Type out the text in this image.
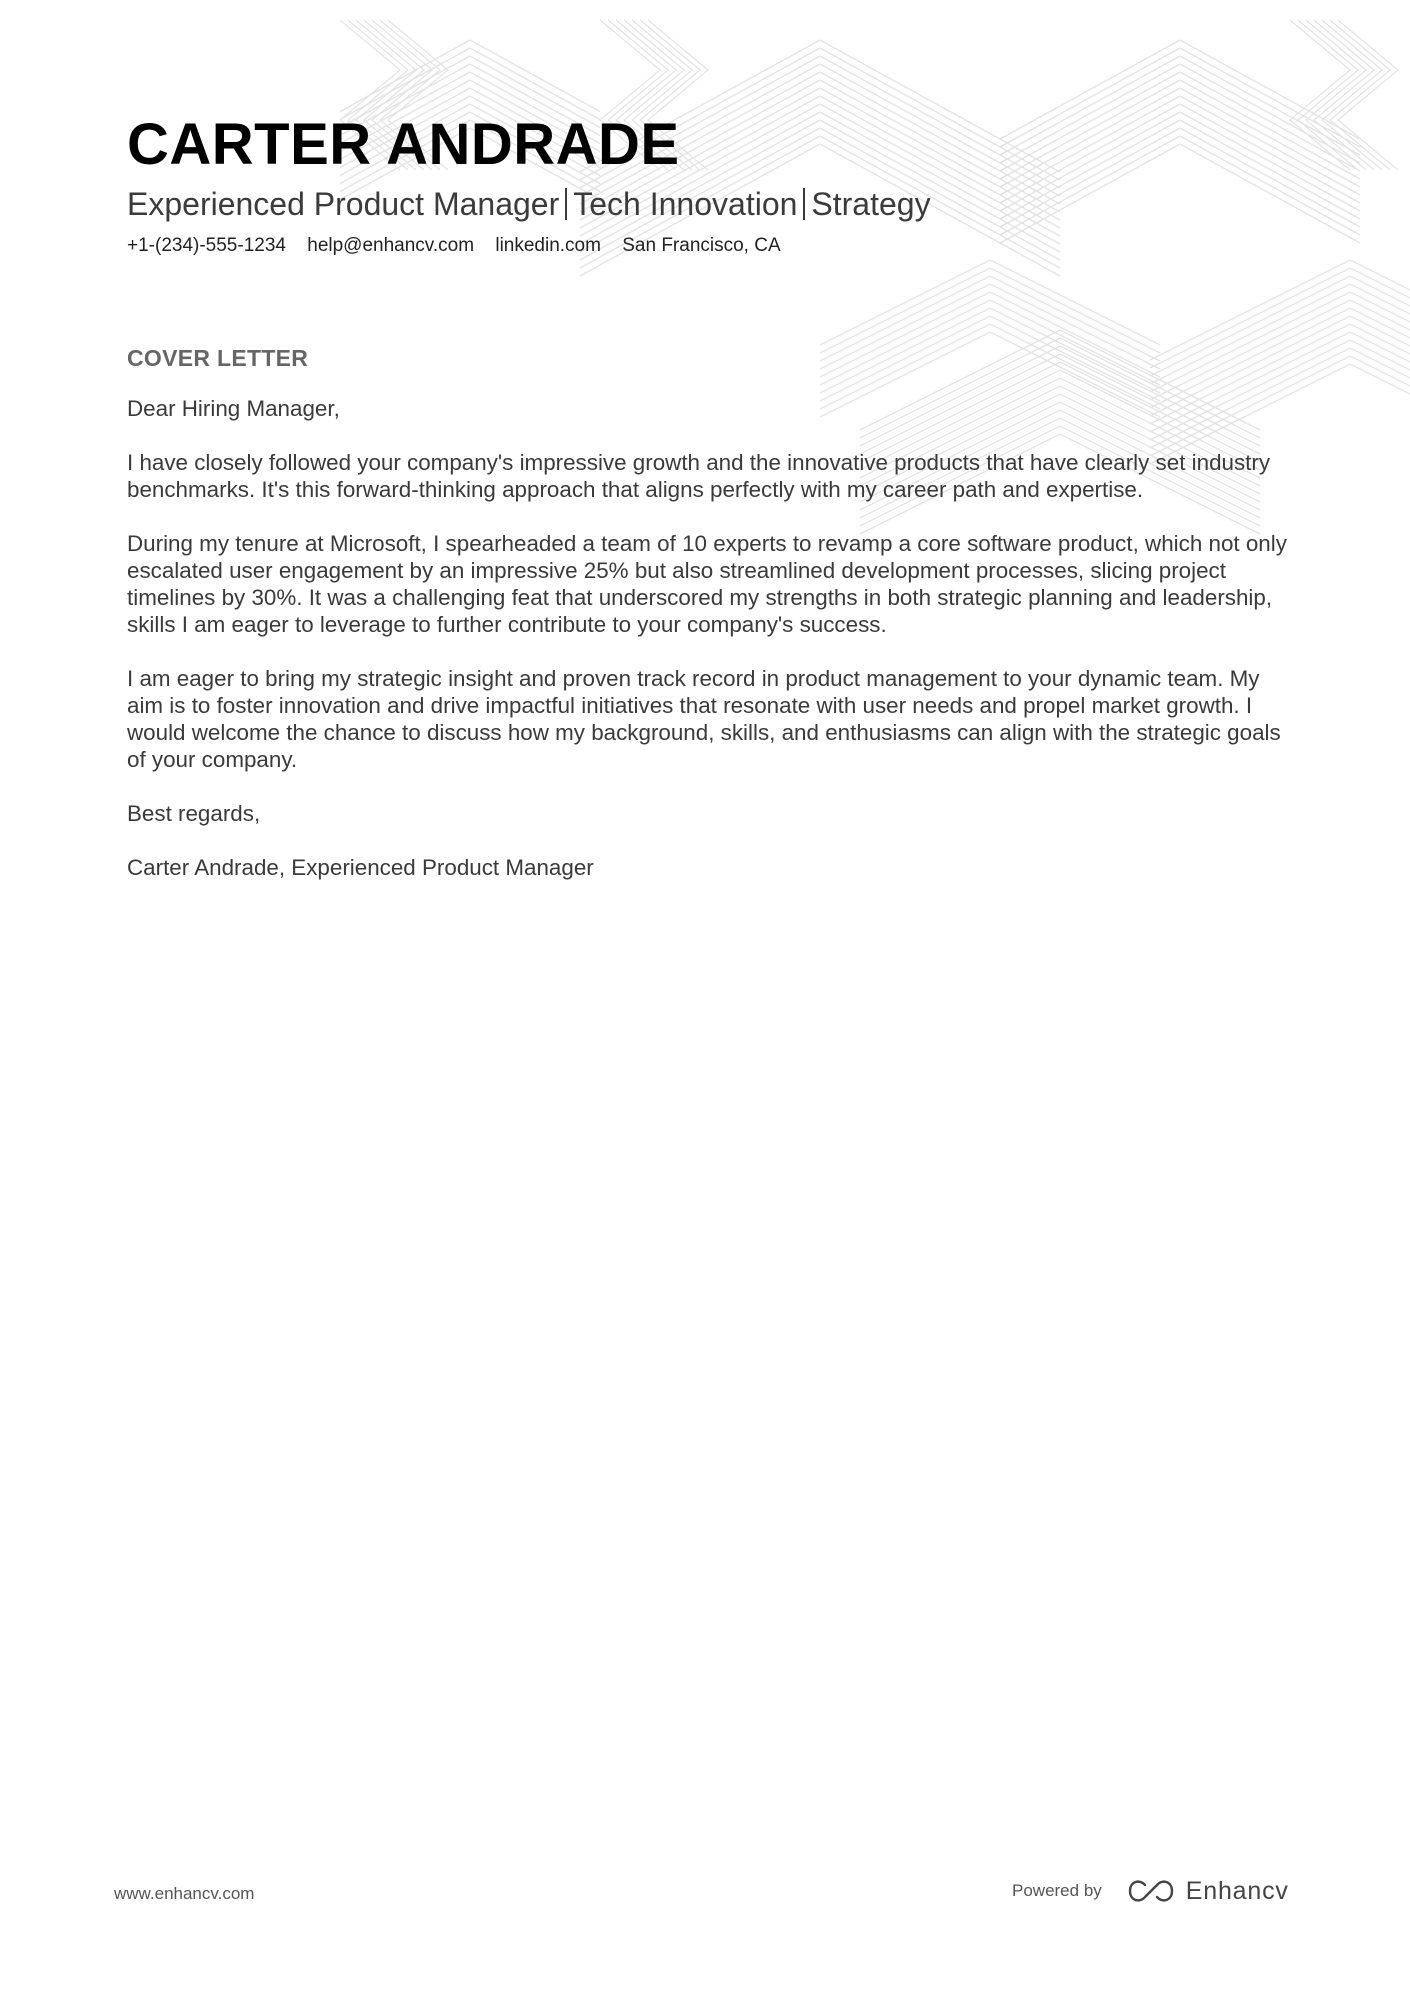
CARTER ANDRADE
Experienced Product Manager Tech Innovation Strategy
+1-(234)-555-1234 help@enhancv.com linkedin.com San Francisco, CA
COVER LETTER

Dear Hiring Manager,

I have closely followed your company's impressive growth and the innovative products that have clearly set industry benchmarks. It's this forward-thinking approach that aligns perfectly with my career path and expertise.

During my tenure at Microsoft, I spearheaded a team of 10 experts to revamp a core software product, which not only escalated user engagement by an impressive 25% but also streamlined development processes, slicing project timelines by 30%. It was a challenging feat that underscored my strengths in both strategic planning and leadership, skills I am eager to leverage to further contribute to your company's success.

I am eager to bring my strategic insight and proven track record in product management to your dynamic team. My aim is to foster innovation and drive impactful initiatives that resonate with user needs and propel market growth. I would welcome the chance to discuss how my background, skills, and enthusiasms can align with the strategic goals of your company.

Best regards,

Carter Andrade, Experienced Product Manager

www.enhancv.com	Powered by	Enhancv
